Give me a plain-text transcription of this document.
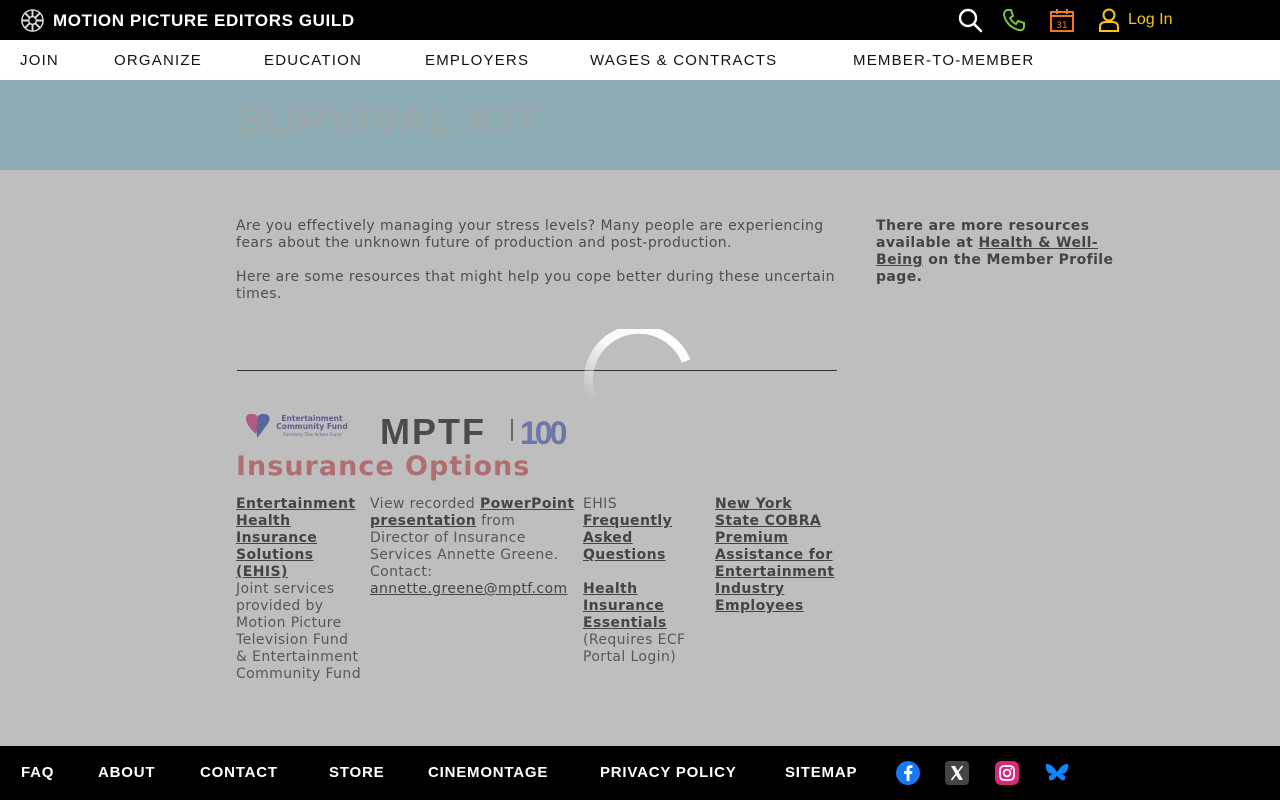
MOTION PICTURE EDITORS GUILD	31	Log In
JOIN	ORGANIZE	EDUCATION	EMPLOYERS	WAGES & CONTRACTS	MEMBER-TO-MEMBER
SURVIVAL KIT

Are you effectively managing your stress levels? Many people are experiencing fears about the unknown future of production and post-production.

Here are some resources that might help you cope better during these uncertain times.

There are more resources available at Health & Well-Being on the Member Profile page.
Entertainment
Community Fund
Formerly The Actors Fund MPTF 100
Insurance Options
Entertainment Health Insurance Solutions (EHIS)
Joint services provided by Motion Picture Television Fund & Entertainment Community Fund
View recorded PowerPoint presentation from Director of Insurance Services Annette Greene. Contact: annette.greene@mptf.com
EHIS Frequently Asked Questions

Health Insurance Essentials
(Requires ECF Portal Login)
New York State COBRA Premium Assistance for Entertainment Industry Employees
FAQ	ABOUT	CONTACT	STORE	CINEMONTAGE	PRIVACY POLICY	SITEMAP
